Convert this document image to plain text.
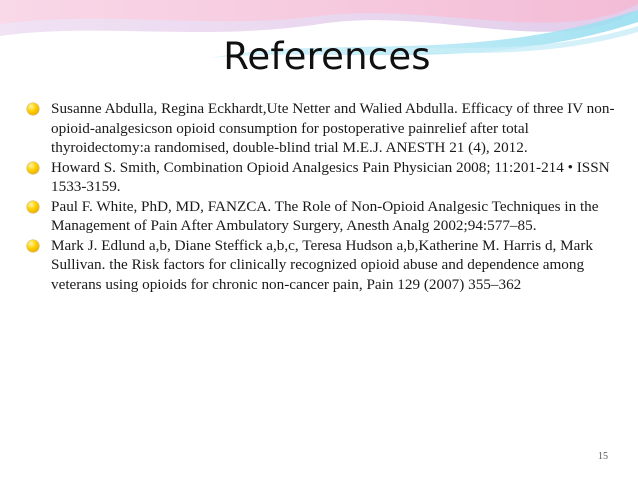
References
Susanne Abdulla, Regina Eckhardt,Ute Netter and Walied Abdulla. Efficacy of three IV non-opioid-analgesicson opioid consumption for postoperative painrelief after total thyroidectomy:a randomised, double-blind trial M.E.J. ANESTH 21 (4), 2012.
Howard S. Smith, Combination Opioid Analgesics Pain Physician 2008; 11:201-214 • ISSN 1533-3159.
Paul F. White, PhD, MD, FANZCA. The Role of Non-Opioid Analgesic Techniques in the Management of Pain After Ambulatory Surgery, Anesth Analg 2002;94:577–85.
Mark J. Edlund a,b, Diane Steffick a,b,c, Teresa Hudson a,b,Katherine M. Harris d, Mark Sullivan. the Risk factors for clinically recognized opioid abuse and dependence among veterans using opioids for chronic non-cancer pain, Pain 129 (2007) 355–362
15
